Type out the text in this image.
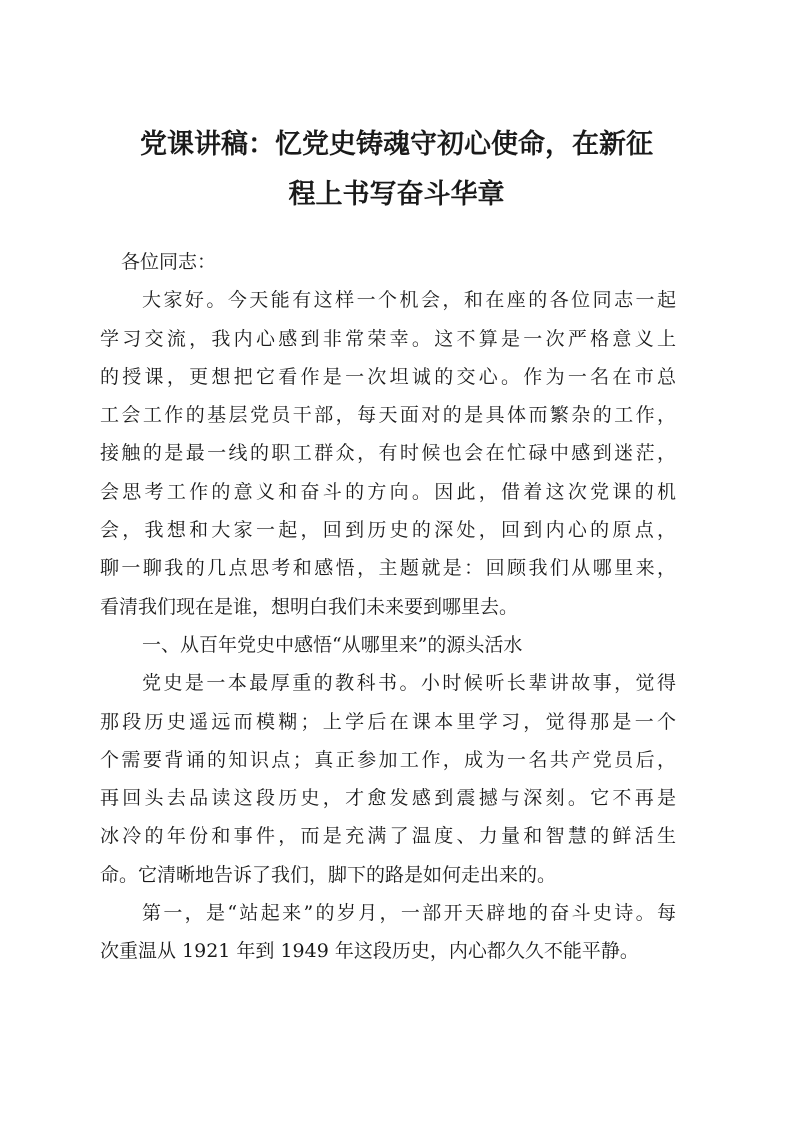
党课讲稿：忆党史铸魂守初心使命，在新征
程上书写奋斗华章

各位同志：

大家好。今天能有这样一个机会，和在座的各位同志一起
学习交流，我内心感到非常荣幸。这不算是一次严格意义上
的授课，更想把它看作是一次坦诚的交心。作为一名在市总
工会工作的基层党员干部，每天面对的是具体而繁杂的工作，
接触的是最一线的职工群众，有时候也会在忙碌中感到迷茫，
会思考工作的意义和奋斗的方向。因此，借着这次党课的机
会，我想和大家一起，回到历史的深处，回到内心的原点，
聊一聊我的几点思考和感悟，主题就是：回顾我们从哪里来，
看清我们现在是谁，想明白我们未来要到哪里去。

一、从百年党史中感悟“从哪里来”的源头活水

党史是一本最厚重的教科书。小时候听长辈讲故事，觉得
那段历史遥远而模糊；上学后在课本里学习，觉得那是一个
个需要背诵的知识点；真正参加工作，成为一名共产党员后，
再回头去品读这段历史，才愈发感到震撼与深刻。它不再是
冰冷的年份和事件，而是充满了温度、力量和智慧的鲜活生
命。它清晰地告诉了我们，脚下的路是如何走出来的。

第一，是“站起来”的岁月，一部开天辟地的奋斗史诗。每
次重温从 1921 年到 1949 年这段历史，内心都久久不能平静。
